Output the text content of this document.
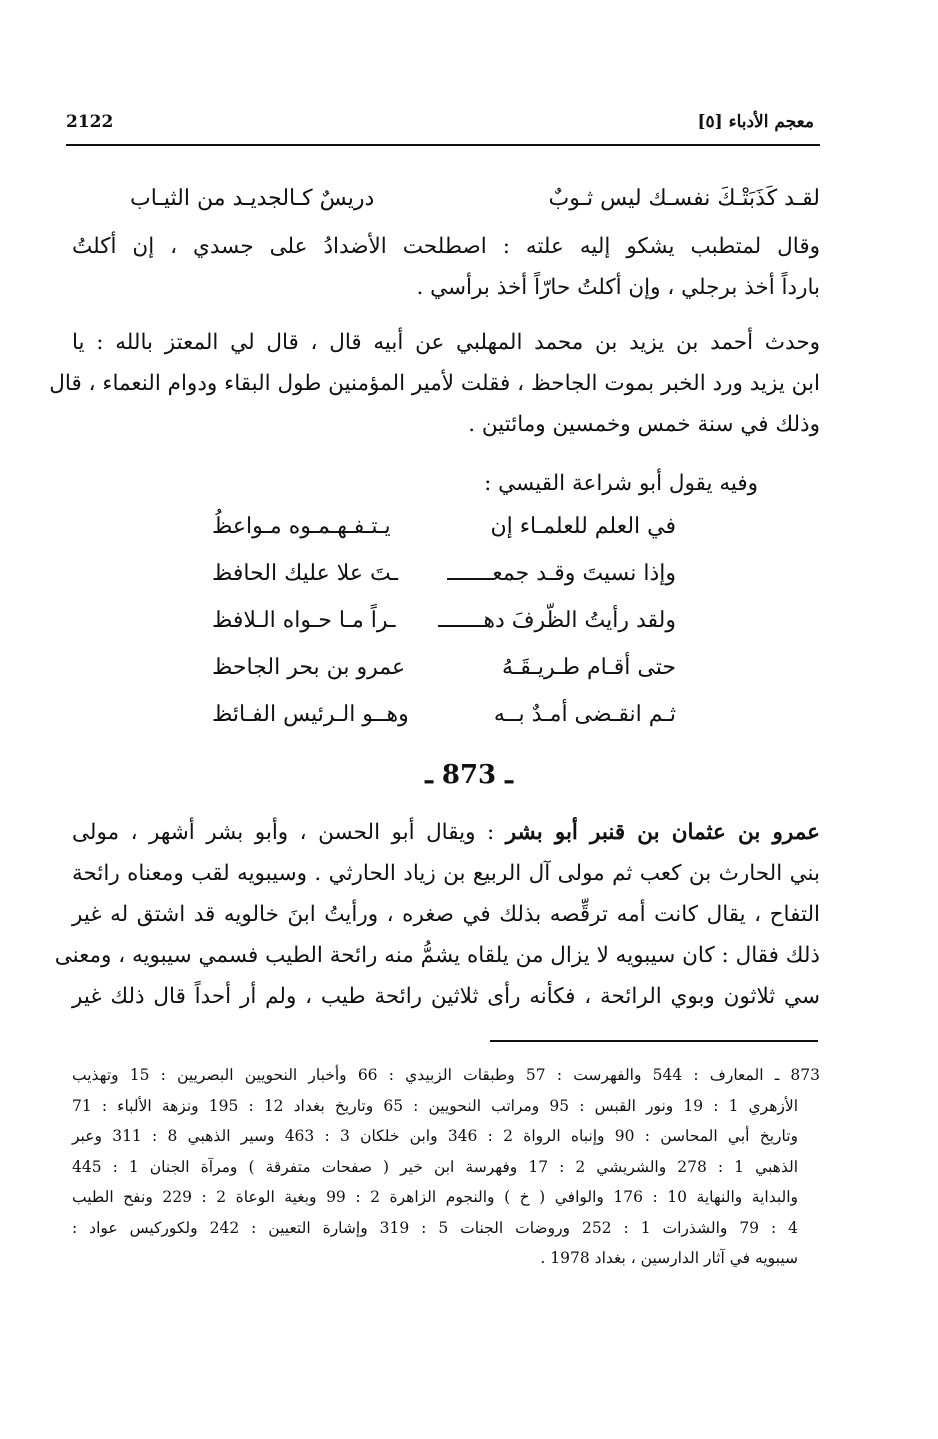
معجم الأدباء [٥]
2122
لقـد كَذَبَتْـكَ نفسـك ليس ثـوبٌ
دريسٌ كـالجديـد من الثيـاب
وقال لمتطبب يشكو إليه علته : اصطلحت الأضدادُ على جسدي ، إن أكلتُ
بارداً أخذ برجلي ، وإن أكلتُ حارّاً أخذ برأسي .
وحدث أحمد بن يزيد بن محمد المهلبي عن أبيه قال ، قال لي المعتز بالله : يا
ابن يزيد ورد الخبر بموت الجاحظ ، فقلت لأمير المؤمنين طول البقاء ودوام النعماء ، قال
وذلك في سنة خمس وخمسين ومائتين .
وفيه يقول أبو شراعة القيسي :
في العلم للعلمـاء إن
يـتـفـهـمـوه مـواعظُ
وإذا نسيتَ وقـد جمعـــــــ
ـتَ علا عليك الحافظ
ولقد رأيتُ الظّرفَ دهـــــــ
ـراً مـا حـواه الـلافظ
حتى أقـام طـريـقَـهُ
عمرو بن بحر الجاحظ
ثـم انقـضى أمـدٌ بــه
وهــو الـرئيس الفـائظ
ـ 873 ـ
عمرو بن عثمان بن قنبر أبو بشر : ويقال أبو الحسن ، وأبو بشر أشهر ، مولى
بني الحارث بن كعب ثم مولى آل الربيع بن زياد الحارثي . وسيبويه لقب ومعناه رائحة
التفاح ، يقال كانت أمه ترقِّصه بذلك في صغره ، ورأيتُ ابنَ خالويه قد اشتق له غير
ذلك فقال : كان سيبويه لا يزال من يلقاه يشمُّ منه رائحة الطيب فسمي سيبويه ، ومعنى
سي ثلاثون وبوي الرائحة ، فكأنه رأى ثلاثين رائحة طيب ، ولم أر أحداً قال ذلك غير
873 ـ المعارف : 544 والفهرست : 57 وطبقات الزبيدي : 66 وأخبار النحويين البصريين : 15 وتهذيب
الأزهري 1 : 19 ونور القبس : 95 ومراتب النحويين : 65 وتاريخ بغداد 12 : 195 ونزهة الألباء : 71
وتاريخ أبي المحاسن : 90 وإنباه الرواة 2 : 346 وابن خلكان 3 : 463 وسير الذهبي 8 : 311 وعبر
الذهبي 1 : 278 والشريشي 2 : 17 وفهرسة ابن خير ( صفحات متفرقة ) ومرآة الجنان 1 : 445
والبداية والنهاية 10 : 176 والوافي ( خ ) والنجوم الزاهرة 2 : 99 وبغية الوعاة 2 : 229 ونفح الطيب
4 : 79 والشذرات 1 : 252 وروضات الجنات 5 : 319 وإشارة التعيين : 242 ولكوركيس عواد :
سيبويه في آثار الدارسين ، بغداد 1978 .
